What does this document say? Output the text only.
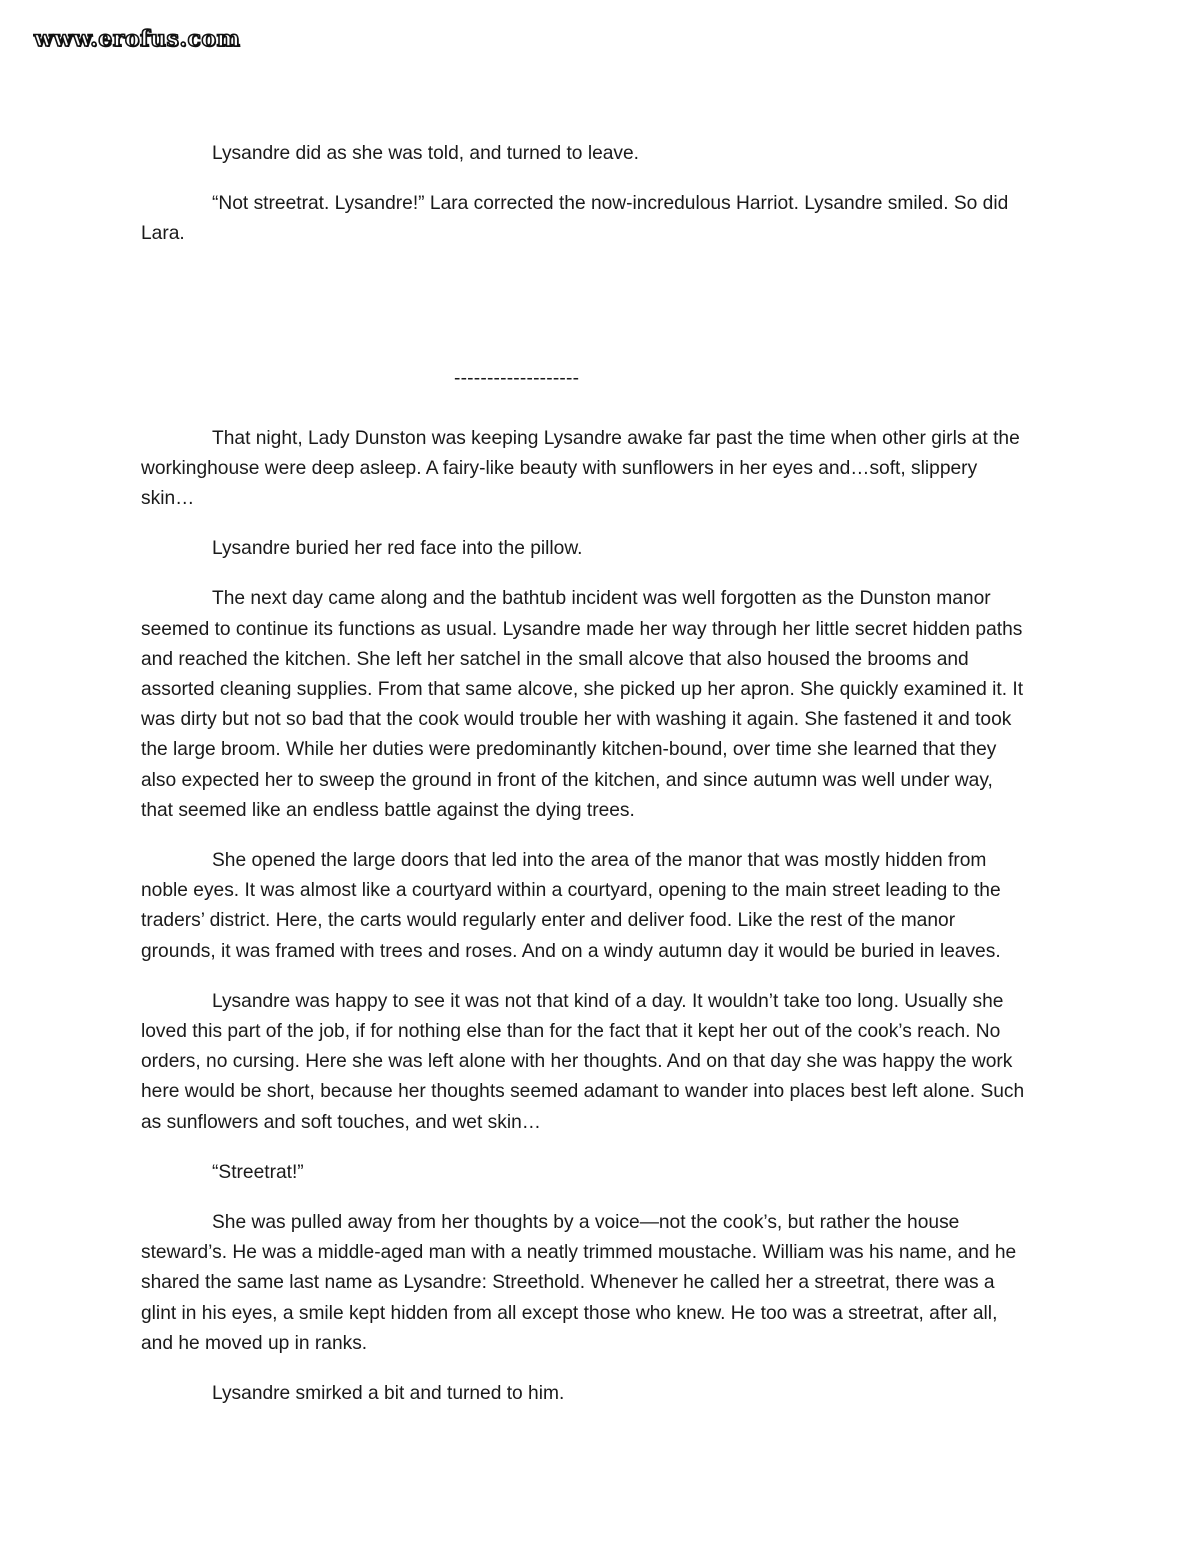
www.erofus.com
-------------------
Lysandre did as she was told, and turned to leave.
“Not streetrat. Lysandre!” Lara corrected the now-incredulous Harriot. Lysandre smiled. So did
Lara.
That night, Lady Dunston was keeping Lysandre awake far past the time when other girls at the
workinghouse were deep asleep. A fairy-like beauty with sunflowers in her eyes and…soft, slippery
skin…
Lysandre buried her red face into the pillow.
The next day came along and the bathtub incident was well forgotten as the Dunston manor
seemed to continue its functions as usual. Lysandre made her way through her little secret hidden paths
and reached the kitchen. She left her satchel in the small alcove that also housed the brooms and
assorted cleaning supplies. From that same alcove, she picked up her apron. She quickly examined it. It
was dirty but not so bad that the cook would trouble her with washing it again. She fastened it and took
the large broom. While her duties were predominantly kitchen-bound, over time she learned that they
also expected her to sweep the ground in front of the kitchen, and since autumn was well under way,
that seemed like an endless battle against the dying trees.
She opened the large doors that led into the area of the manor that was mostly hidden from
noble eyes. It was almost like a courtyard within a courtyard, opening to the main street leading to the
traders’ district. Here, the carts would regularly enter and deliver food. Like the rest of the manor
grounds, it was framed with trees and roses. And on a windy autumn day it would be buried in leaves.
Lysandre was happy to see it was not that kind of a day. It wouldn’t take too long. Usually she
loved this part of the job, if for nothing else than for the fact that it kept her out of the cook’s reach. No
orders, no cursing. Here she was left alone with her thoughts. And on that day she was happy the work
here would be short, because her thoughts seemed adamant to wander into places best left alone. Such
as sunflowers and soft touches, and wet skin…
“Streetrat!”
She was pulled away from her thoughts by a voice—not the cook’s, but rather the house
steward’s. He was a middle-aged man with a neatly trimmed moustache. William was his name, and he
shared the same last name as Lysandre: Streethold. Whenever he called her a streetrat, there was a
glint in his eyes, a smile kept hidden from all except those who knew. He too was a streetrat, after all,
and he moved up in ranks.
Lysandre smirked a bit and turned to him.
